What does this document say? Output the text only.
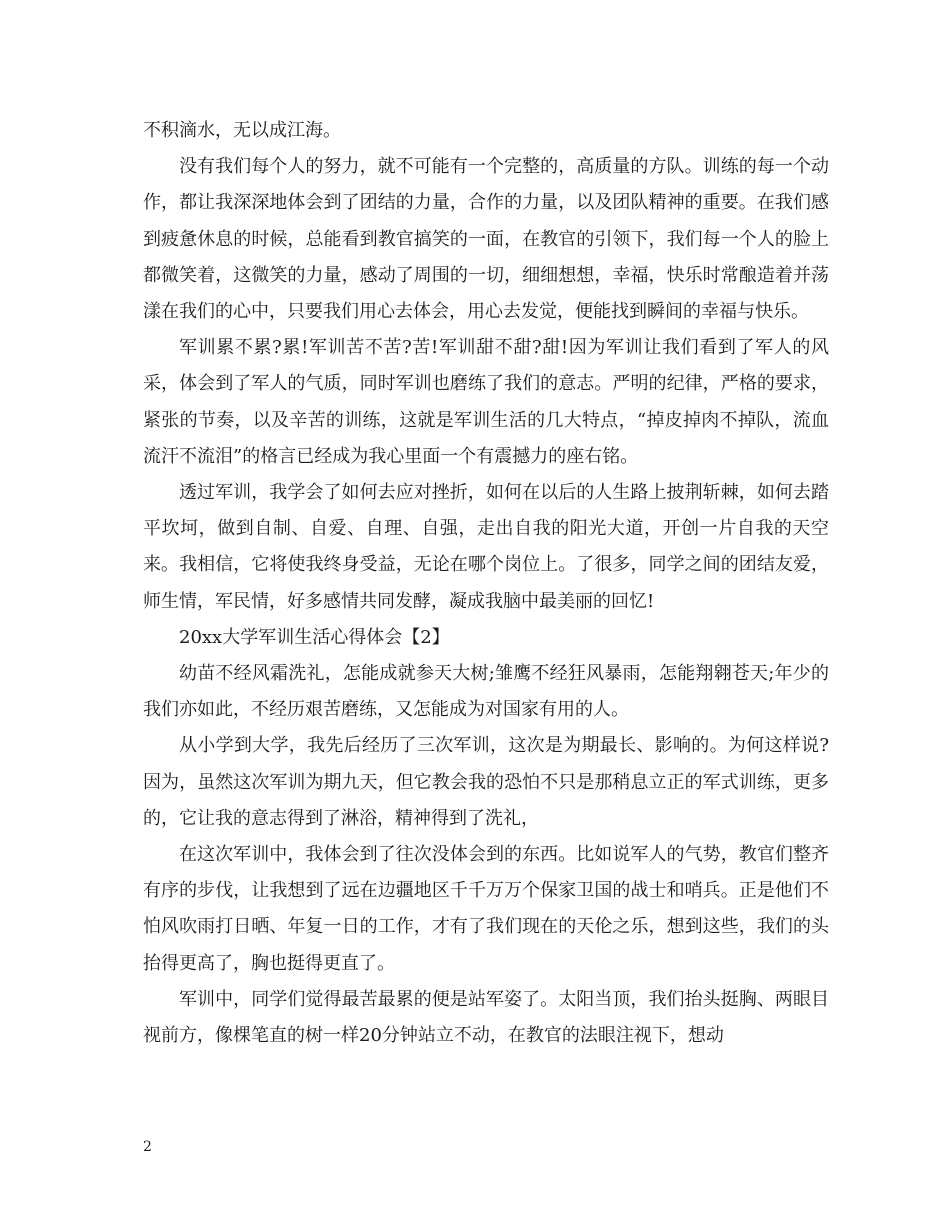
不积滴水，无以成江海。

没有我们每个人的努力，就不可能有一个完整的，高质量的方队。训练的每一个动作，都让我深深地体会到了团结的力量，合作的力量，以及团队精神的重要。在我们感到疲惫休息的时候，总能看到教官搞笑的一面，在教官的引领下，我们每一个人的脸上都微笑着，这微笑的力量，感动了周围的一切，细细想想，幸福，快乐时常酿造着并荡漾在我们的心中，只要我们用心去体会，用心去发觉，便能找到瞬间的幸福与快乐。

军训累不累?累!军训苦不苦?苦!军训甜不甜?甜!因为军训让我们看到了军人的风采，体会到了军人的气质，同时军训也磨练了我们的意志。严明的纪律，严格的要求，紧张的节奏，以及辛苦的训练，这就是军训生活的几大特点，“掉皮掉肉不掉队，流血流汗不流泪”的格言已经成为我心里面一个有震撼力的座右铭。

透过军训，我学会了如何去应对挫折，如何在以后的人生路上披荆斩棘，如何去踏平坎坷，做到自制、自爱、自理、自强，走出自我的阳光大道，开创一片自我的天空来。我相信，它将使我终身受益，无论在哪个岗位上。了很多，同学之间的团结友爱，师生情，军民情，好多感情共同发酵，凝成我脑中最美丽的回忆!

20xx大学军训生活心得体会【2】

幼苗不经风霜洗礼，怎能成就参天大树;雏鹰不经狂风暴雨，怎能翔翱苍天;年少的我们亦如此，不经历艰苦磨练，又怎能成为对国家有用的人。

从小学到大学，我先后经历了三次军训，这次是为期最长、影响的。为何这样说?因为，虽然这次军训为期九天，但它教会我的恐怕不只是那稍息立正的军式训练，更多的，它让我的意志得到了淋浴，精神得到了洗礼，

在这次军训中，我体会到了往次没体会到的东西。比如说军人的气势，教官们整齐有序的步伐，让我想到了远在边疆地区千千万万个保家卫国的战士和哨兵。正是他们不怕风吹雨打日晒、年复一日的工作，才有了我们现在的天伦之乐，想到这些，我们的头抬得更高了，胸也挺得更直了。

军训中，同学们觉得最苦最累的便是站军姿了。太阳当顶，我们抬头挺胸、两眼目视前方，像棵笔直的树一样20分钟站立不动，在教官的法眼注视下，想动

2
